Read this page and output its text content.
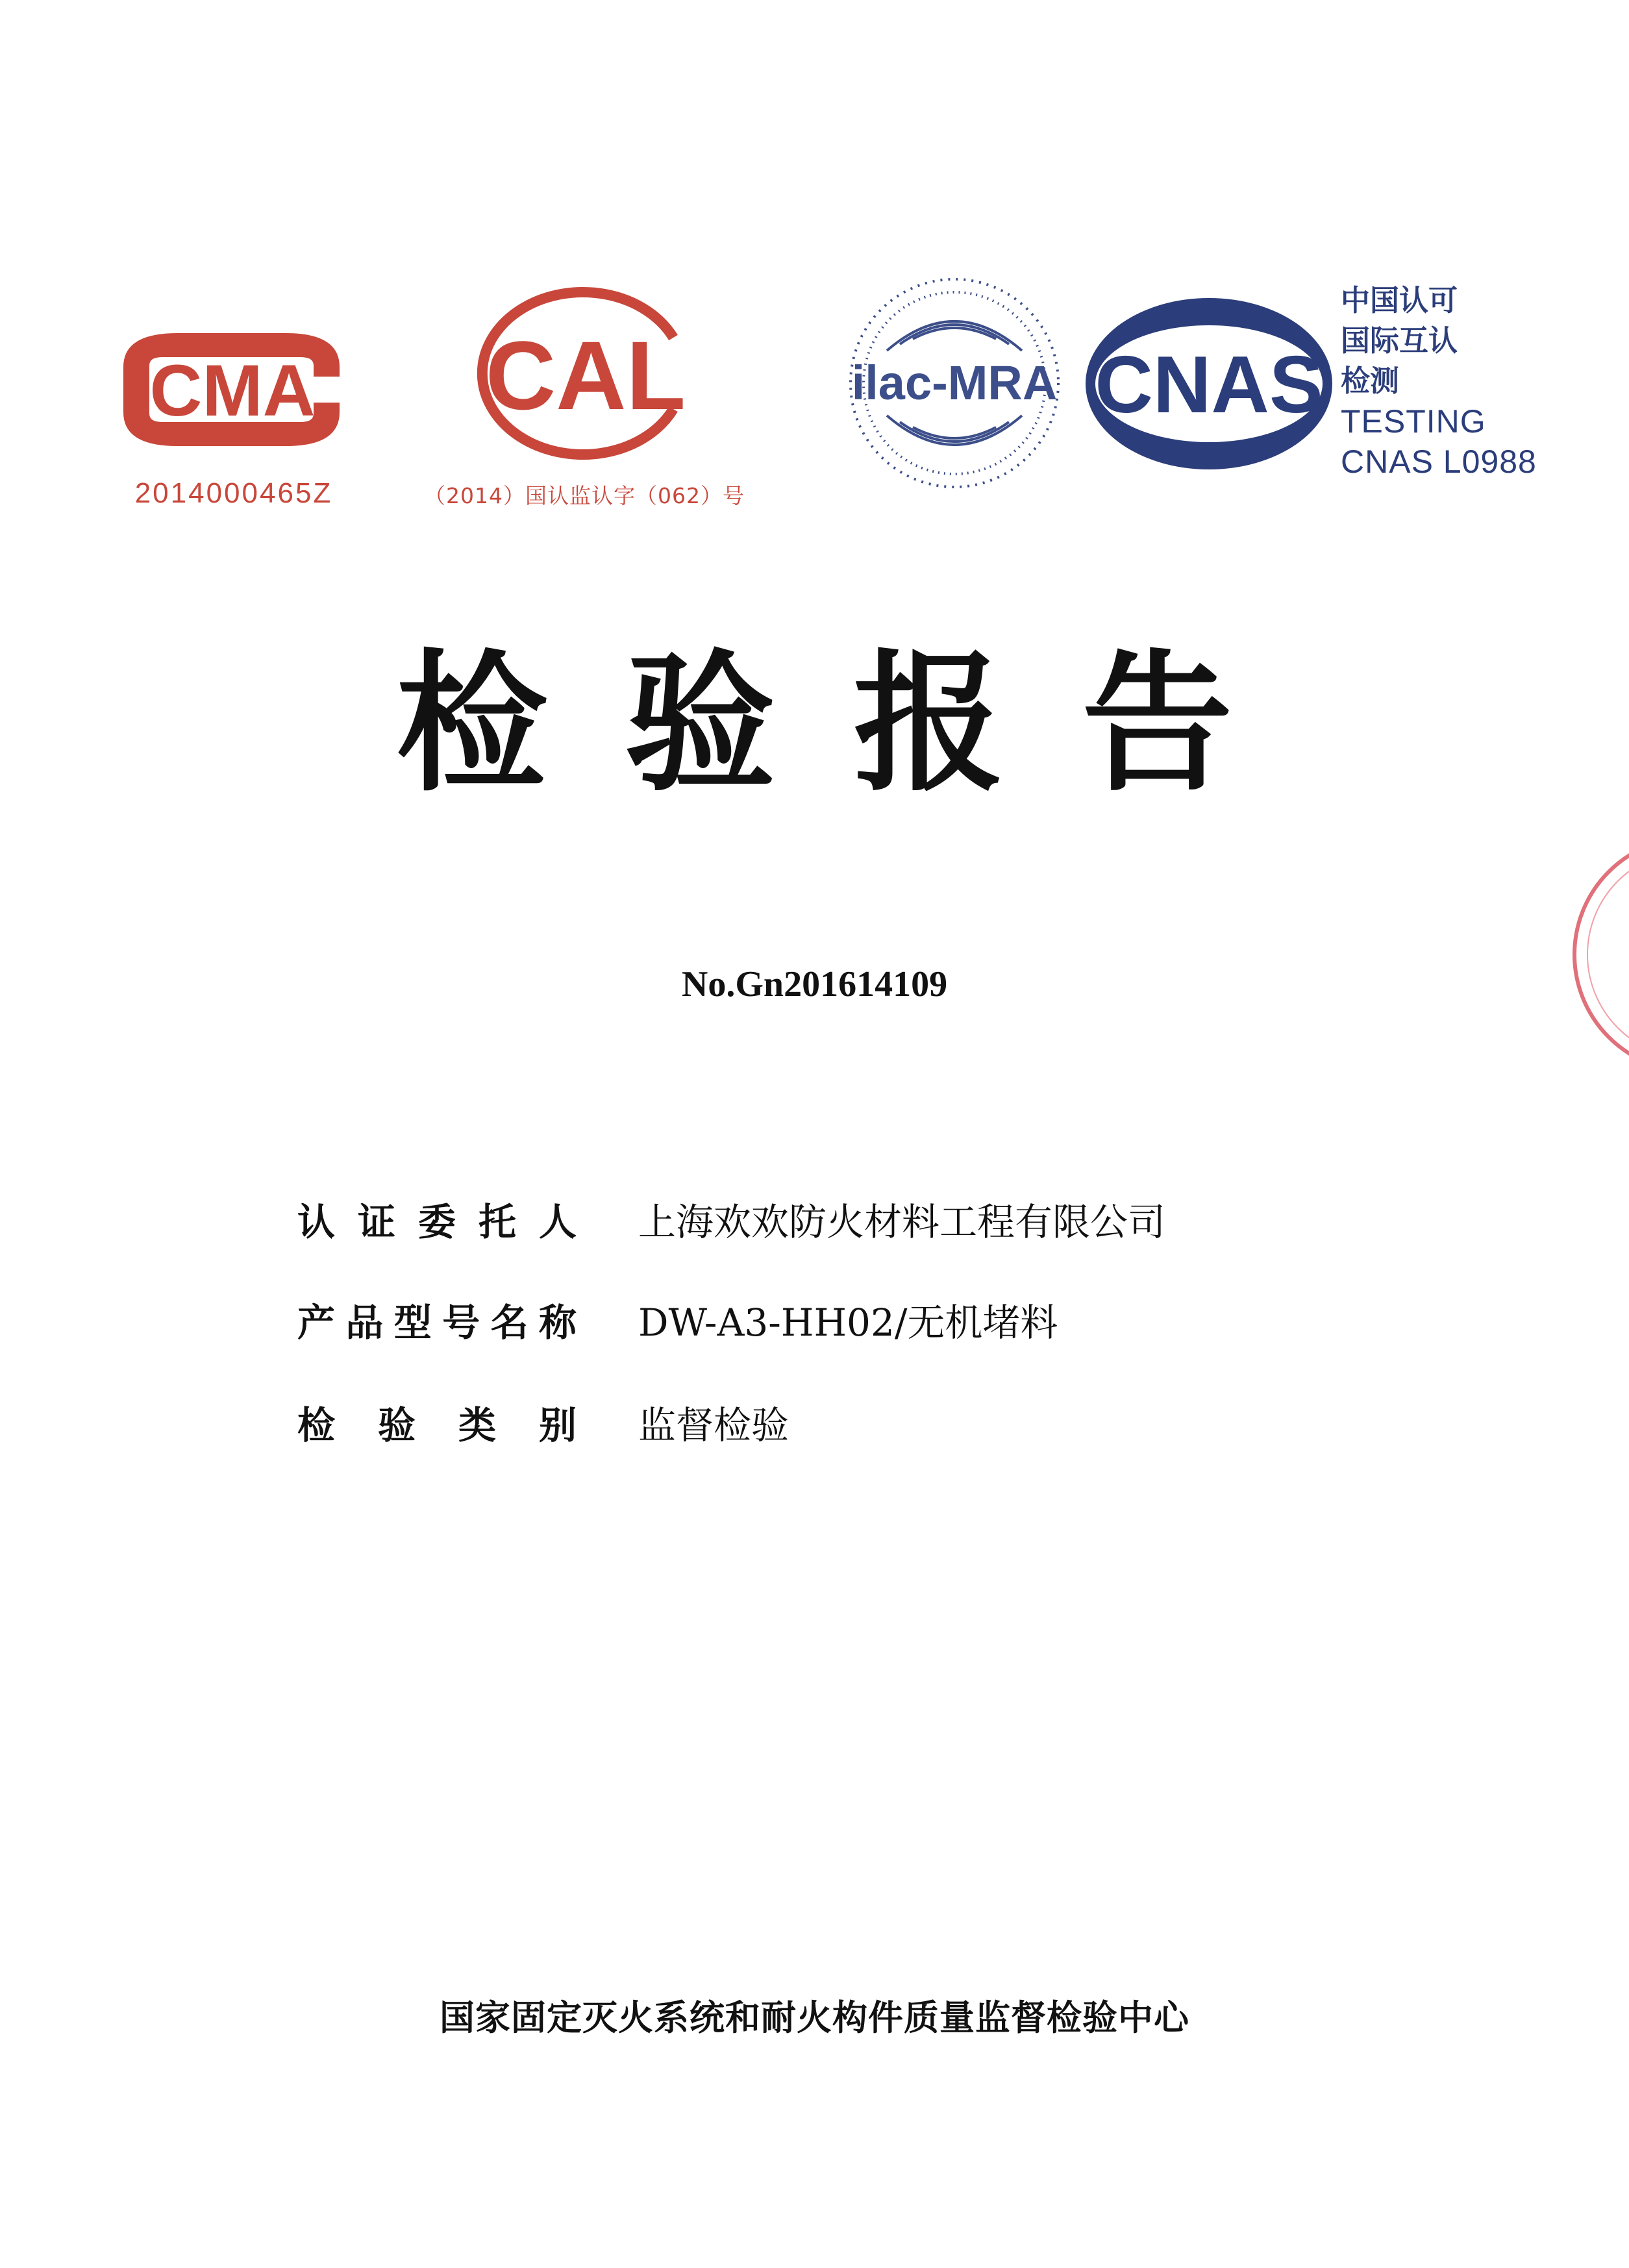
CMA
2014000465Z
CAL
（2014）国认监认字（062）号
ilac-MRA CNAS
中国认可
国际互认
检测
TESTING
CNAS L0988
检验报告
No.Gn201614109
认 证 委 托 人 上海欢欢防火材料工程有限公司
产 品 型 号 名 称 DW-A3-HH02/无机堵料
检 验 类 别 监督检验
国家固定灭火系统和耐火构件质量监督检验中心
